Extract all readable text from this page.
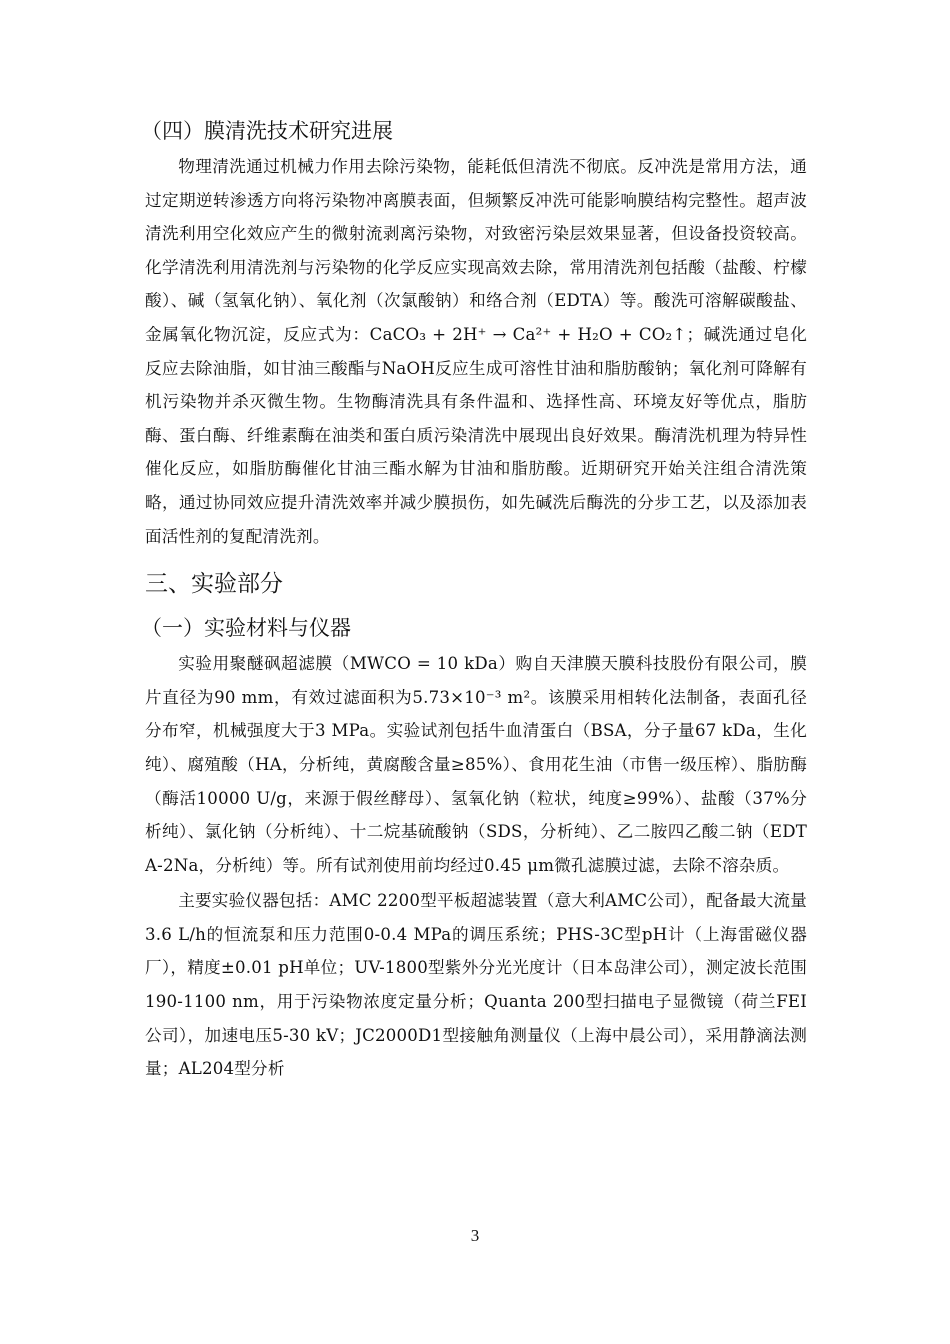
（四）膜清洗技术研究进展

物理清洗通过机械力作用去除污染物，能耗低但清洗不彻底。反冲洗是常用方法，通过定期逆转渗透方向将污染物冲离膜表面，但频繁反冲洗可能影响膜结构完整性。超声波清洗利用空化效应产生的微射流剥离污染物，对致密污染层效果显著，但设备投资较高。化学清洗利用清洗剂与污染物的化学反应实现高效去除，常用清洗剂包括酸（盐酸、柠檬酸）、碱（氢氧化钠）、氧化剂（次氯酸钠）和络合剂（EDTA）等。酸洗可溶解碳酸盐、金属氧化物沉淀，反应式为：CaCO₃ + 2H⁺ → Ca²⁺ + H₂O + CO₂↑；碱洗通过皂化反应去除油脂，如甘油三酸酯与NaOH反应生成可溶性甘油和脂肪酸钠；氧化剂可降解有机污染物并杀灭微生物。生物酶清洗具有条件温和、选择性高、环境友好等优点，脂肪酶、蛋白酶、纤维素酶在油类和蛋白质污染清洗中展现出良好效果。酶清洗机理为特异性催化反应，如脂肪酶催化甘油三酯水解为甘油和脂肪酸。近期研究开始关注组合清洗策略，通过协同效应提升清洗效率并减少膜损伤，如先碱洗后酶洗的分步工艺，以及添加表面活性剂的复配清洗剂。

三、实验部分
（一）实验材料与仪器

实验用聚醚砜超滤膜（MWCO = 10 kDa）购自天津膜天膜科技股份有限公司，膜片直径为90 mm，有效过滤面积为5.73×10⁻³ m²。该膜采用相转化法制备，表面孔径分布窄，机械强度大于3 MPa。实验试剂包括牛血清蛋白（BSA，分子量67 kDa，生化纯）、腐殖酸（HA，分析纯，黄腐酸含量≥85%）、食用花生油（市售一级压榨）、脂肪酶（酶活10000 U/g，来源于假丝酵母）、氢氧化钠（粒状，纯度≥99%）、盐酸（37%分析纯）、氯化钠（分析纯）、十二烷基硫酸钠（SDS，分析纯）、乙二胺四乙酸二钠（EDTA-2Na，分析纯）等。所有试剂使用前均经过0.45 μm微孔滤膜过滤，去除不溶杂质。

主要实验仪器包括：AMC 2200型平板超滤装置（意大利AMC公司），配备最大流量3.6 L/h的恒流泵和压力范围0-0.4 MPa的调压系统；PHS-3C型pH计（上海雷磁仪器厂），精度±0.01 pH单位；UV-1800型紫外分光光度计（日本岛津公司），测定波长范围190-1100 nm，用于污染物浓度定量分析；Quanta 200型扫描电子显微镜（荷兰FEI公司），加速电压5-30 kV；JC2000D1型接触角测量仪（上海中晨公司），采用静滴法测量；AL204型分析

3
